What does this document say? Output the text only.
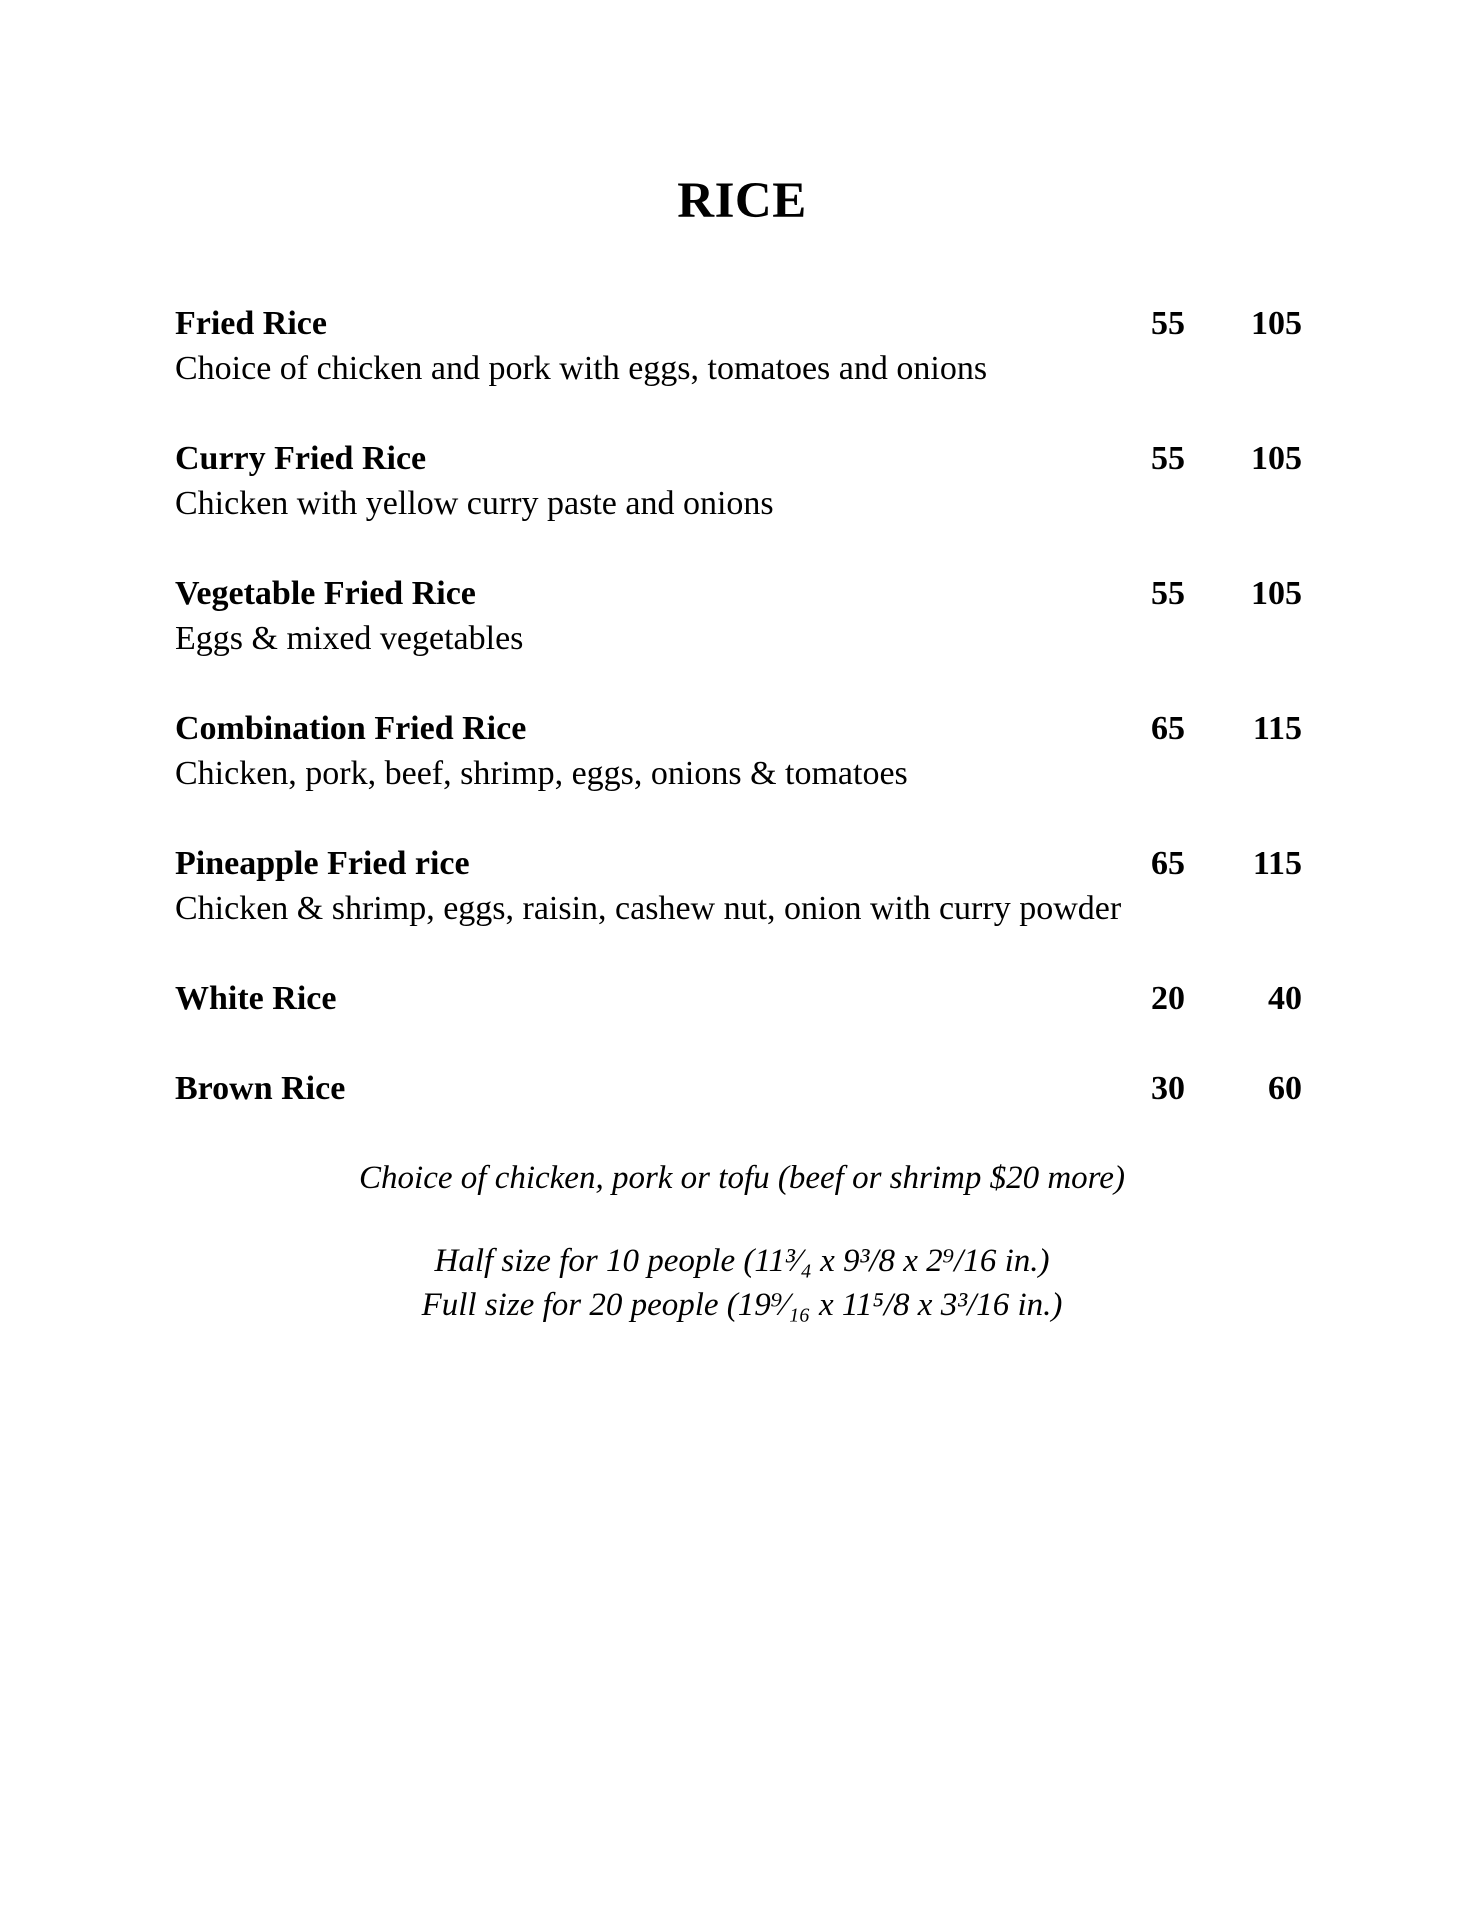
RICE
Fried Rice	55	105
Choice of chicken and pork with eggs, tomatoes and onions
Curry Fried Rice	55	105
Chicken with yellow curry paste and onions
Vegetable Fried Rice	55	105
Eggs & mixed vegetables
Combination Fried Rice	65	115
Chicken, pork, beef, shrimp, eggs, onions & tomatoes
Pineapple Fried rice	65	115
Chicken & shrimp, eggs, raisin, cashew nut, onion with curry powder
White Rice	20	40
Brown Rice	30	60
Choice of chicken, pork or tofu (beef or shrimp $20 more)
Half size for 10 people (11³⁄₄ x 9³/8 x 2⁹/16 in.)
Full size for 20 people (19⁹⁄₁₆ x 11⁵/8 x 3³/16 in.)
